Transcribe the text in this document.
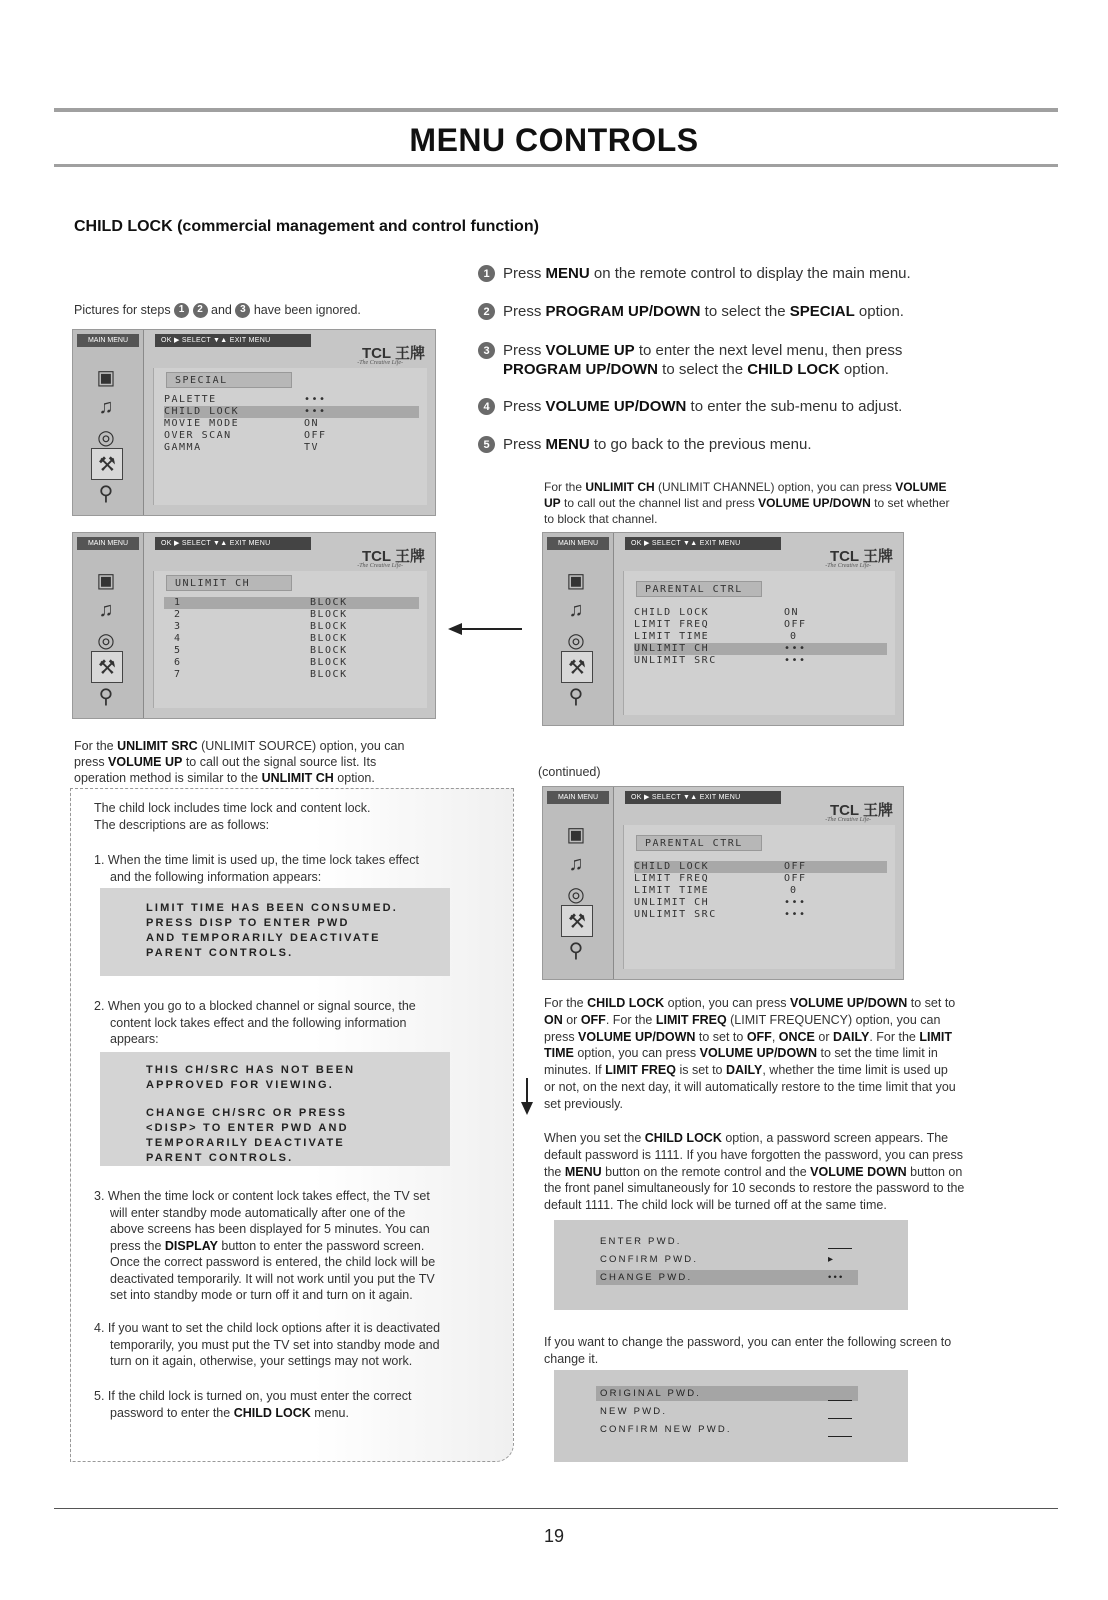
MENU CONTROLS
CHILD LOCK (commercial management and control function)
1 Press MENU on the remote control to display the main menu.
2 Press PROGRAM UP/DOWN to select the SPECIAL option.
3 Press VOLUME UP to enter the next level menu, then press
PROGRAM UP/DOWN to select the CHILD LOCK option.
4 Press VOLUME UP/DOWN to enter the sub-menu to adjust.
5 Press MENU to go back to the previous menu.
Pictures for steps 1 2 and 3 have been ignored.
MAIN MENU	OK ▶ SELECT ▼▲ EXIT MENU
TCL 王牌
-The Creative Life-
▣
♫
◎
⚒
⚲
SPECIAL
PALETTE	•••
CHILD LOCK	•••
MOVIE MODE	ON
OVER SCAN	OFF
GAMMA	TV
MAIN MENU	OK ▶ SELECT ▼▲ EXIT MENU
TCL 王牌
-The Creative Life-
▣
♫
◎
⚒
⚲
UNLIMIT CH
1	BLOCK
2	BLOCK
3	BLOCK
4	BLOCK
5	BLOCK
6	BLOCK
7	BLOCK
For the UNLIMIT CH (UNLIMIT CHANNEL) option, you can press VOLUME
UP to call out the channel list and press VOLUME UP/DOWN to set whether
to block that channel.
MAIN MENU	OK ▶ SELECT ▼▲ EXIT MENU
TCL 王牌
-The Creative Life-
▣
♫
◎
⚒
⚲
PARENTAL CTRL
CHILD LOCK	ON
LIMIT FREQ	OFF
LIMIT TIME	0
UNLIMIT CH	•••
UNLIMIT SRC	•••
For the UNLIMIT SRC (UNLIMIT SOURCE) option, you can
press VOLUME UP to call out the signal source list. Its
operation method is similar to the UNLIMIT CH option.	(continued)
The child lock includes time lock and content lock.
The descriptions are as follows:
1. When the time limit is used up, the time lock takes effect
and the following information appears:
LIMIT TIME HAS BEEN CONSUMED.
PRESS DISP TO ENTER PWD
AND TEMPORARILY DEACTIVATE
PARENT CONTROLS.
2. When you go to a blocked channel or signal source, the
content lock takes effect and the following information
appears:
THIS CH/SRC HAS NOT BEEN
APPROVED FOR VIEWING.
CHANGE CH/SRC OR PRESS
<DISP> TO ENTER PWD AND
TEMPORARILY DEACTIVATE
PARENT CONTROLS.
3. When the time lock or content lock takes effect, the TV set
will enter standby mode automatically after one of the
above screens has been displayed for 5 minutes. You can
press the DISPLAY button to enter the password screen.
Once the correct password is entered, the child lock will be
deactivated temporarily. It will not work until you put the TV
set into standby mode or turn off it and turn on it again.
4. If you want to set the child lock options after it is deactivated
temporarily, you must put the TV set into standby mode and
turn on it again, otherwise, your settings may not work.
5. If the child lock is turned on, you must enter the correct
password to enter the CHILD LOCK menu.
MAIN MENU	OK ▶ SELECT ▼▲ EXIT MENU
TCL 王牌
-The Creative Life-
▣
♫
◎
⚒
⚲
PARENTAL CTRL
CHILD LOCK	OFF
LIMIT FREQ	OFF
LIMIT TIME	0
UNLIMIT CH	•••
UNLIMIT SRC	•••
For the CHILD LOCK option, you can press VOLUME UP/DOWN to set to
ON or OFF. For the LIMIT FREQ (LIMIT FREQUENCY) option, you can
press VOLUME UP/DOWN to set to OFF, ONCE or DAILY. For the LIMIT
TIME option, you can press VOLUME UP/DOWN to set the time limit in
minutes. If LIMIT FREQ is set to DAILY, whether the time limit is used up
or not, on the next day, it will automatically restore to the time limit that you
set previously.
When you set the CHILD LOCK option, a password screen appears. The
default password is 1111. If you have forgotten the password, you can press
the MENU button on the remote control and the VOLUME DOWN button on
the front panel simultaneously for 10 seconds to restore the password to the
default 1111. The child lock will be turned off at the same time.
ENTER PWD.
CONFIRM PWD.	▸
CHANGE PWD.	•••
If you want to change the password, you can enter the following screen to
change it.
ORIGINAL PWD.
NEW PWD.
CONFIRM NEW PWD.
19
